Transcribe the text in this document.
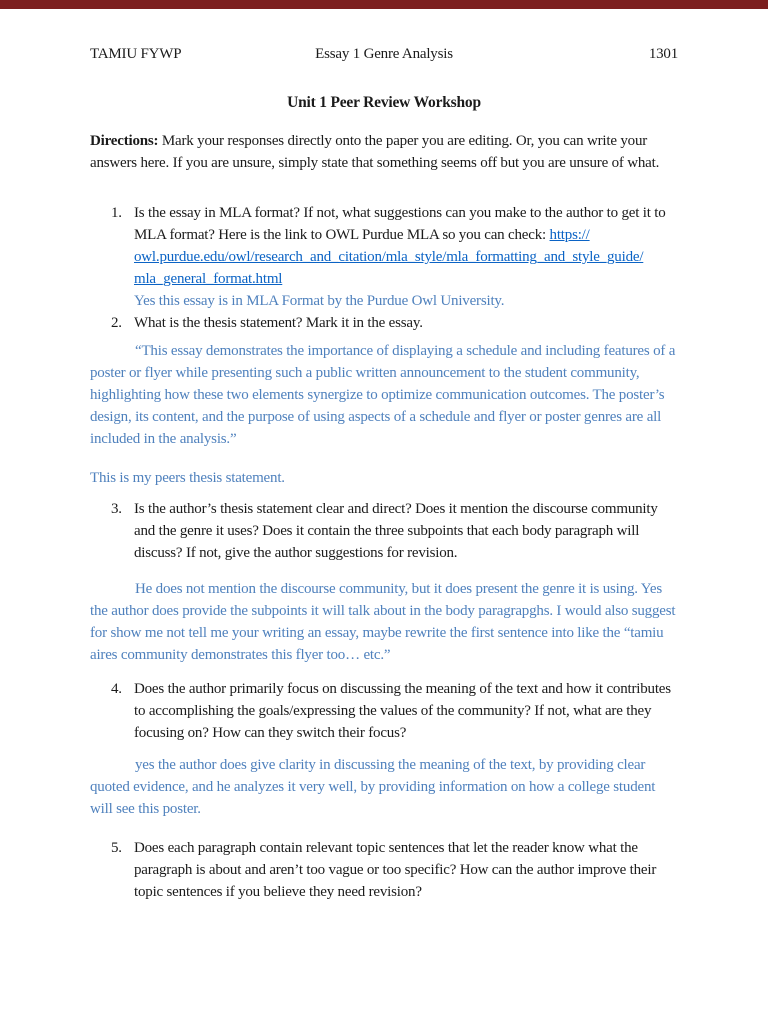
TAMIU FYWP	Essay 1 Genre Analysis	1301
Unit 1 Peer Review Workshop

Directions: Mark your responses directly onto the paper you are editing. Or, you can write your answers here. If you are unsure, simply state that something seems off but you are unsure of what.

1. Is the essay in MLA format? If not, what suggestions can you make to the author to get it to MLA format? Here is the link to OWL Purdue MLA so you can check: https://
owl.purdue.edu/owl/research_and_citation/mla_style/mla_formatting_and_style_guide/
mla_general_format.html
Yes this essay is in MLA Format by the Purdue Owl University.
2. What is the thesis statement? Mark it in the essay.

“This essay demonstrates the importance of displaying a schedule and including features of a poster or flyer while presenting such a public written announcement to the student community, highlighting how these two elements synergize to optimize communication outcomes. The poster’s design, its content, and the purpose of using aspects of a schedule and flyer or poster genres are all included in the analysis.”

This is my peers thesis statement.

3. Is the author’s thesis statement clear and direct? Does it mention the discourse community and the genre it uses? Does it contain the three subpoints that each body paragraph will discuss? If not, give the author suggestions for revision.

He does not mention the discourse community, but it does present the genre it is using. Yes the author does provide the subpoints it will talk about in the body paragrapghs. I would also suggest for show me not tell me your writing an essay, maybe rewrite the first sentence into like the “tamiu aires community demonstrates this flyer too… etc.”

4. Does the author primarily focus on discussing the meaning of the text and how it contributes to accomplishing the goals/expressing the values of the community? If not, what are they focusing on? How can they switch their focus?

yes the author does give clarity in discussing the meaning of the text, by providing clear quoted evidence, and he analyzes it very well, by providing information on how a college student will see this poster.

5. Does each paragraph contain relevant topic sentences that let the reader know what the paragraph is about and aren’t too vague or too specific? How can the author improve their topic sentences if you believe they need revision?
